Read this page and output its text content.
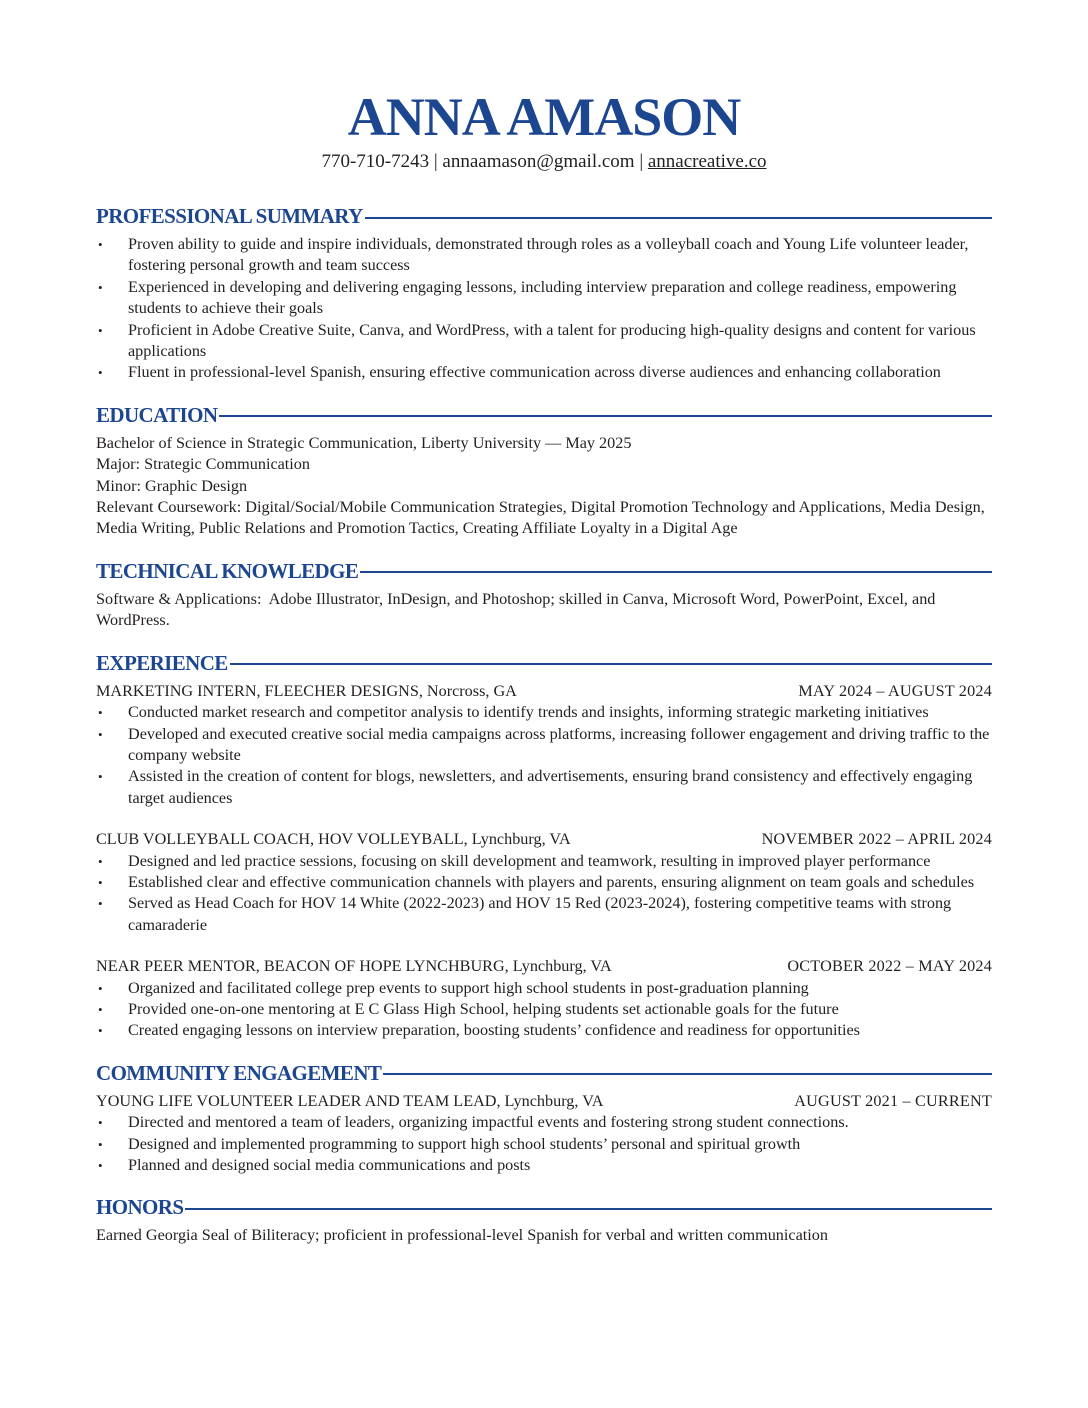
ANNA AMASON
770-710-7243 | annaamason@gmail.com | annacreative.co
PROFESSIONAL SUMMARY
• Proven ability to guide and inspire individuals, demonstrated through roles as a volleyball coach and Young Life volunteer leader, fostering personal growth and team success
• Experienced in developing and delivering engaging lessons, including interview preparation and college readiness, empowering students to achieve their goals
• Proficient in Adobe Creative Suite, Canva, and WordPress, with a talent for producing high-quality designs and content for various applications
• Fluent in professional-level Spanish, ensuring effective communication across diverse audiences and enhancing collaboration
EDUCATION
Bachelor of Science in Strategic Communication, Liberty University — May 2025
Major: Strategic Communication
Minor: Graphic Design
Relevant Coursework: Digital/Social/Mobile Communication Strategies, Digital Promotion Technology and Applications, Media Design, Media Writing, Public Relations and Promotion Tactics, Creating Affiliate Loyalty in a Digital Age
TECHNICAL KNOWLEDGE
Software & Applications:  Adobe Illustrator, InDesign, and Photoshop; skilled in Canva, Microsoft Word, PowerPoint, Excel, and WordPress.
EXPERIENCE
MARKETING INTERN, FLEECHER DESIGNS, Norcross, GA	MAY 2024 – AUGUST 2024
• Conducted market research and competitor analysis to identify trends and insights, informing strategic marketing initiatives
• Developed and executed creative social media campaigns across platforms, increasing follower engagement and driving traffic to the company website
• Assisted in the creation of content for blogs, newsletters, and advertisements, ensuring brand consistency and effectively engaging target audiences
CLUB VOLLEYBALL COACH, HOV VOLLEYBALL, Lynchburg, VA	NOVEMBER 2022 – APRIL 2024
• Designed and led practice sessions, focusing on skill development and teamwork, resulting in improved player performance
• Established clear and effective communication channels with players and parents, ensuring alignment on team goals and schedules
• Served as Head Coach for HOV 14 White (2022-2023) and HOV 15 Red (2023-2024), fostering competitive teams with strong camaraderie
NEAR PEER MENTOR, BEACON OF HOPE LYNCHBURG, Lynchburg, VA	OCTOBER 2022 – MAY 2024
• Organized and facilitated college prep events to support high school students in post-graduation planning
• Provided one-on-one mentoring at E C Glass High School, helping students set actionable goals for the future
• Created engaging lessons on interview preparation, boosting students’ confidence and readiness for opportunities
COMMUNITY ENGAGEMENT
YOUNG LIFE VOLUNTEER LEADER AND TEAM LEAD, Lynchburg, VA	AUGUST 2021 – CURRENT
• Directed and mentored a team of leaders, organizing impactful events and fostering strong student connections.
• Designed and implemented programming to support high school students’ personal and spiritual growth
• Planned and designed social media communications and posts
HONORS
Earned Georgia Seal of Biliteracy; proficient in professional-level Spanish for verbal and written communication
